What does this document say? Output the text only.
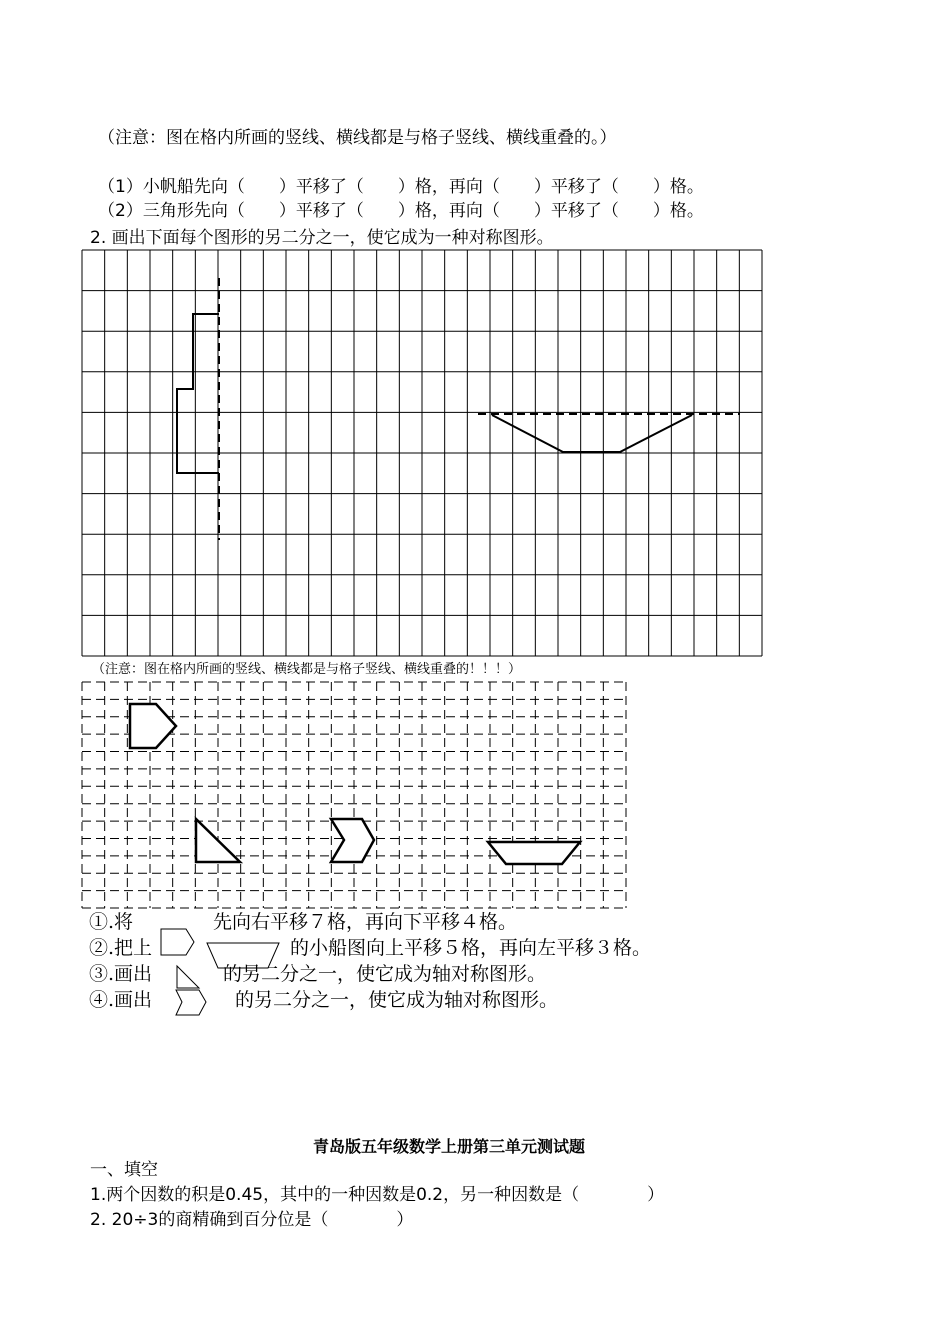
（注意：图在格内所画的竖线、横线都是与格子竖线、横线重叠的。）
（1）小帆船先向（　　）平移了（　　）格，再向（　　）平移了（　　）格。
（2）三角形先向（　　）平移了（　　）格，再向（　　）平移了（　　）格。
2. 画出下面每个图形的另二分之一，使它成为一种对称图形。
（注意：图在格内所画的竖线、横线都是与格子竖线、横线重叠的！！！）
①.将	先向右平移７格，再向下平移４格。
②.把上	的小船图向上平移５格，再向左平移３格。
③.画出	的另二分之一，使它成为轴对称图形。
④.画出	的另二分之一，使它成为轴对称图形。
青岛版五年级数学上册第三单元测试题
一、填空
1.两个因数的积是0.45，其中的一种因数是0.2，另一种因数是（　　　　）
2. 20÷3的商精确到百分位是（　　　　）
